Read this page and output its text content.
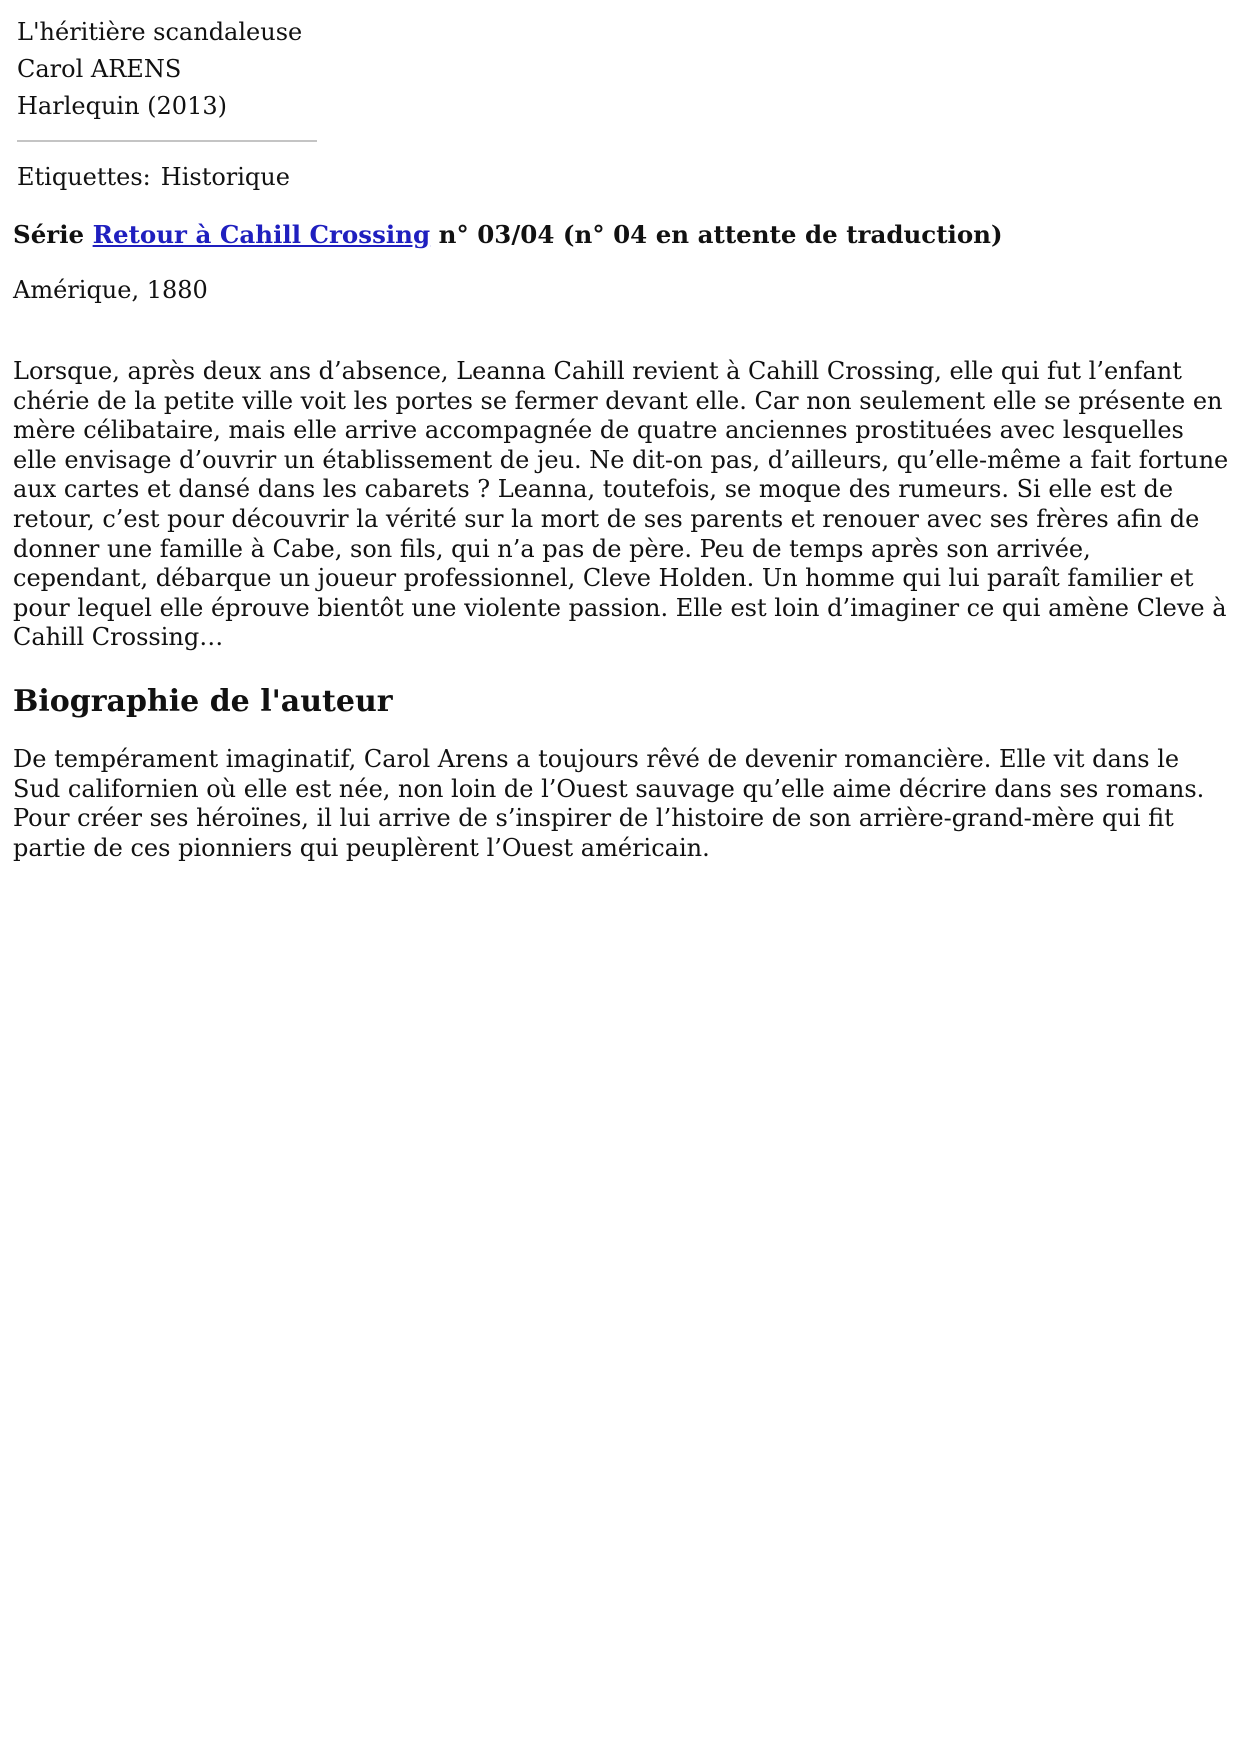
L'héritière scandaleuse
Carol ARENS
Harlequin (2013)
Etiquettes: Historique
Série Retour à Cahill Crossing n° 03/04 (n° 04 en attente de traduction)
Amérique, 1880

Lorsque, après deux ans d’absence, Leanna Cahill revient à Cahill Crossing, elle qui fut l’enfant chérie de la petite ville voit les portes se fermer devant elle. Car non seulement elle se présente en mère célibataire, mais elle arrive accompagnée de quatre anciennes prostituées avec lesquelles elle envisage d’ouvrir un établissement de jeu. Ne dit-on pas, d’ailleurs, qu’elle-même a fait fortune aux cartes et dansé dans les cabarets ? Leanna, toutefois, se moque des rumeurs. Si elle est de retour, c’est pour découvrir la vérité sur la mort de ses parents et renouer avec ses frères afin de donner une famille à Cabe, son fils, qui n’a pas de père. Peu de temps après son arrivée, cependant, débarque un joueur professionnel, Cleve Holden. Un homme qui lui paraît familier et pour lequel elle éprouve bientôt une violente passion. Elle est loin d’imaginer ce qui amène Cleve à Cahill Crossing…

Biographie de l'auteur

De tempérament imaginatif, Carol Arens a toujours rêvé de devenir romancière. Elle vit dans le Sud californien où elle est née, non loin de l’Ouest sauvage qu’elle aime décrire dans ses romans. Pour créer ses héroïnes, il lui arrive de s’inspirer de l’histoire de son arrière-grand-mère qui fit partie de ces pionniers qui peuplèrent l’Ouest américain.
